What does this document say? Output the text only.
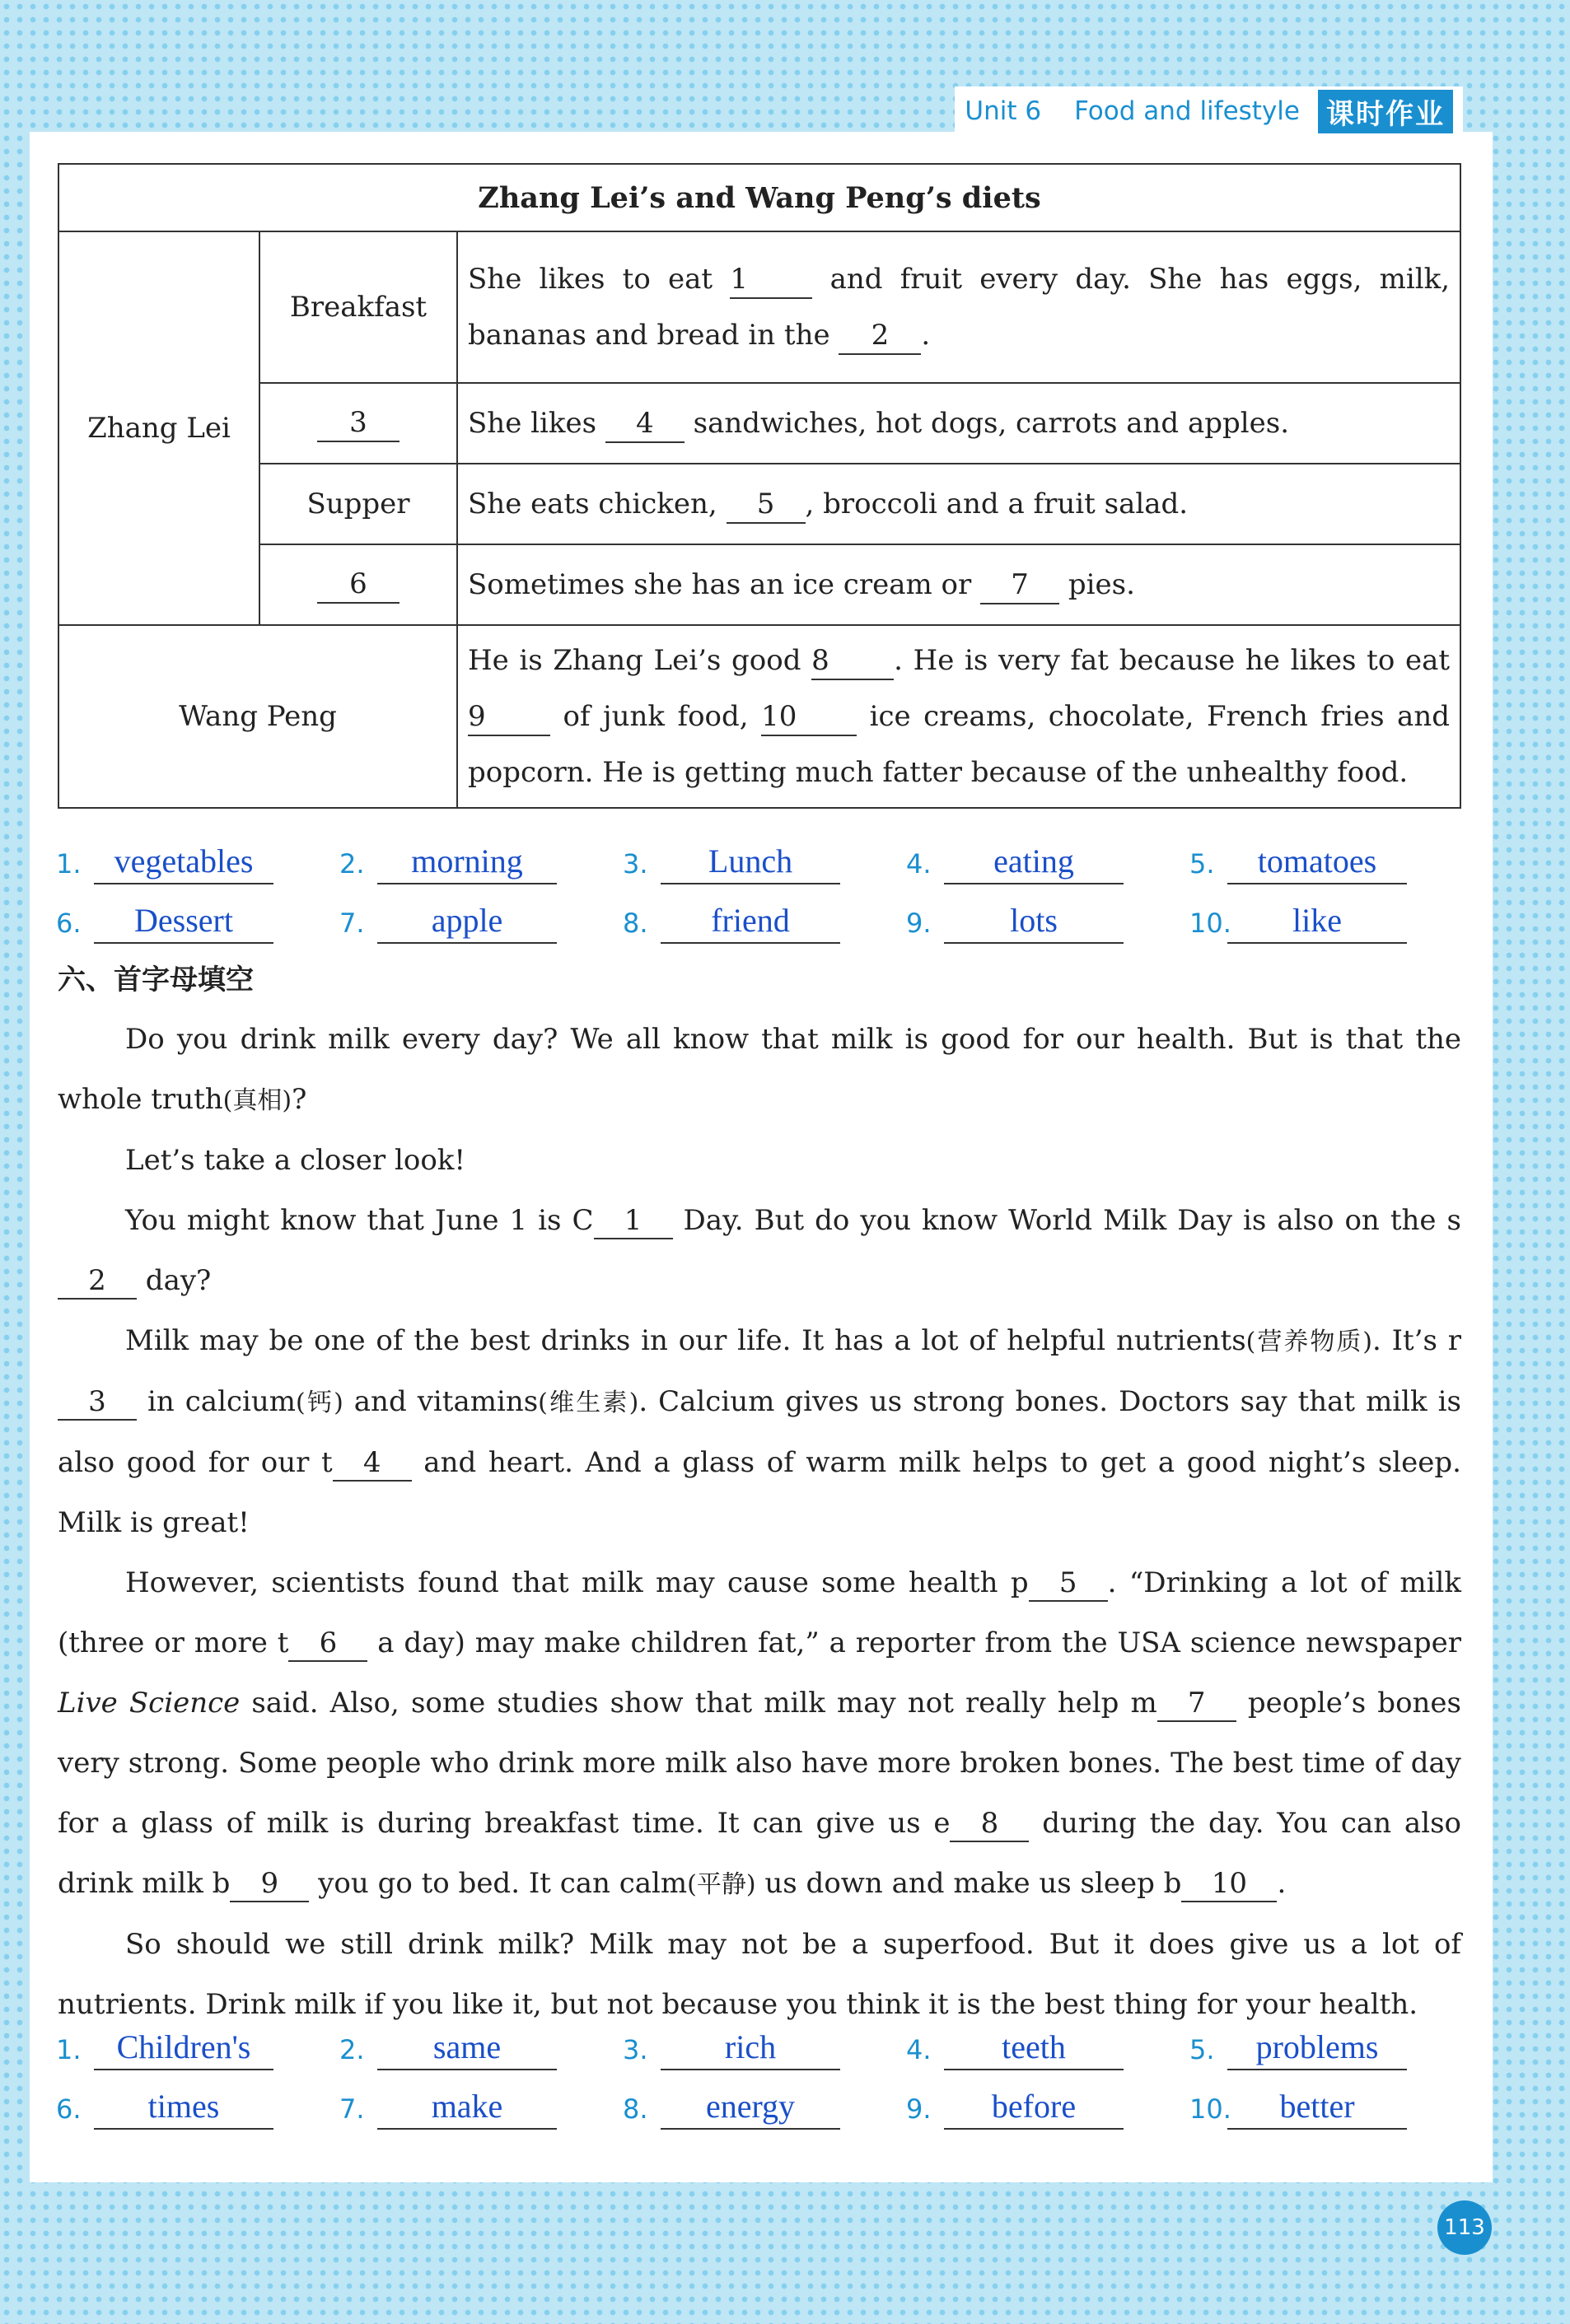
Unit 6 Food and lifestyle 课时作业
Zhang Lei’s and Wang Peng’s diets		
Zhang Lei	Breakfast	She likes to eat 1 and fruit every day. She has eggs, milk,
bananas and bread in the 2 .

	3	She likes 4 sandwiches, hot dogs, carrots and apples.
	Supper	She eats chicken, 5 , broccoli and a fruit salad.
	6	Sometimes she has an ice cream or 7 pies.
Wang Peng		He is Zhang Lei’s good 8 . He is very fat because he likes to eat
9 of junk food, 10 ice creams, chocolate, French fries and
popcorn. He is getting much fatter because of the unhealthy food.
1.	vegetables	2.	morning	3.	Lunch	4.	eating	5.	tomatoes
6.	Dessert	7.	apple	8.	friend	9.	lots	10.	like
六、首字母填空

Do you drink milk every day? We all know that milk is good for our health. But is that the whole truth(真相)?

Let’s take a closer look!

You might know that June 1 is C 1 Day. But do you know World Milk Day is also on the s2 day?

Milk may be one of the best drinks in our life. It has a lot of helpful nutrients(营养物质). It’s r3 in calcium(钙) and vitamins(维生素). Calcium gives us strong bones. Doctors say that milk is also good for our t 4 and heart. And a glass of warm milk helps to get a good night’s sleep. Milk is great!

However, scientists found that milk may cause some health p 5 . “Drinking a lot of milk (three or more t 6 a day) may make children fat,” a reporter from the USA science newspaper Live Science said. Also, some studies show that milk may not really help m 7 people’s bones very strong. Some people who drink more milk also have more broken bones. The best time of day for a glass of milk is during breakfast time. It can give us e 8 during the day. You can also drink milk b 9 you go to bed. It can calm(平静) us down and make us sleep b 10 .

So should we still drink milk? Milk may not be a superfood. But it does give us a lot of nutrients. Drink milk if you like it, but not because you think it is the best thing for your health.

1.	Children's	2.	same	3.	rich	4.	teeth	5.	problems
6.	times	7.	make	8.	energy	9.	before	10.	better
113
